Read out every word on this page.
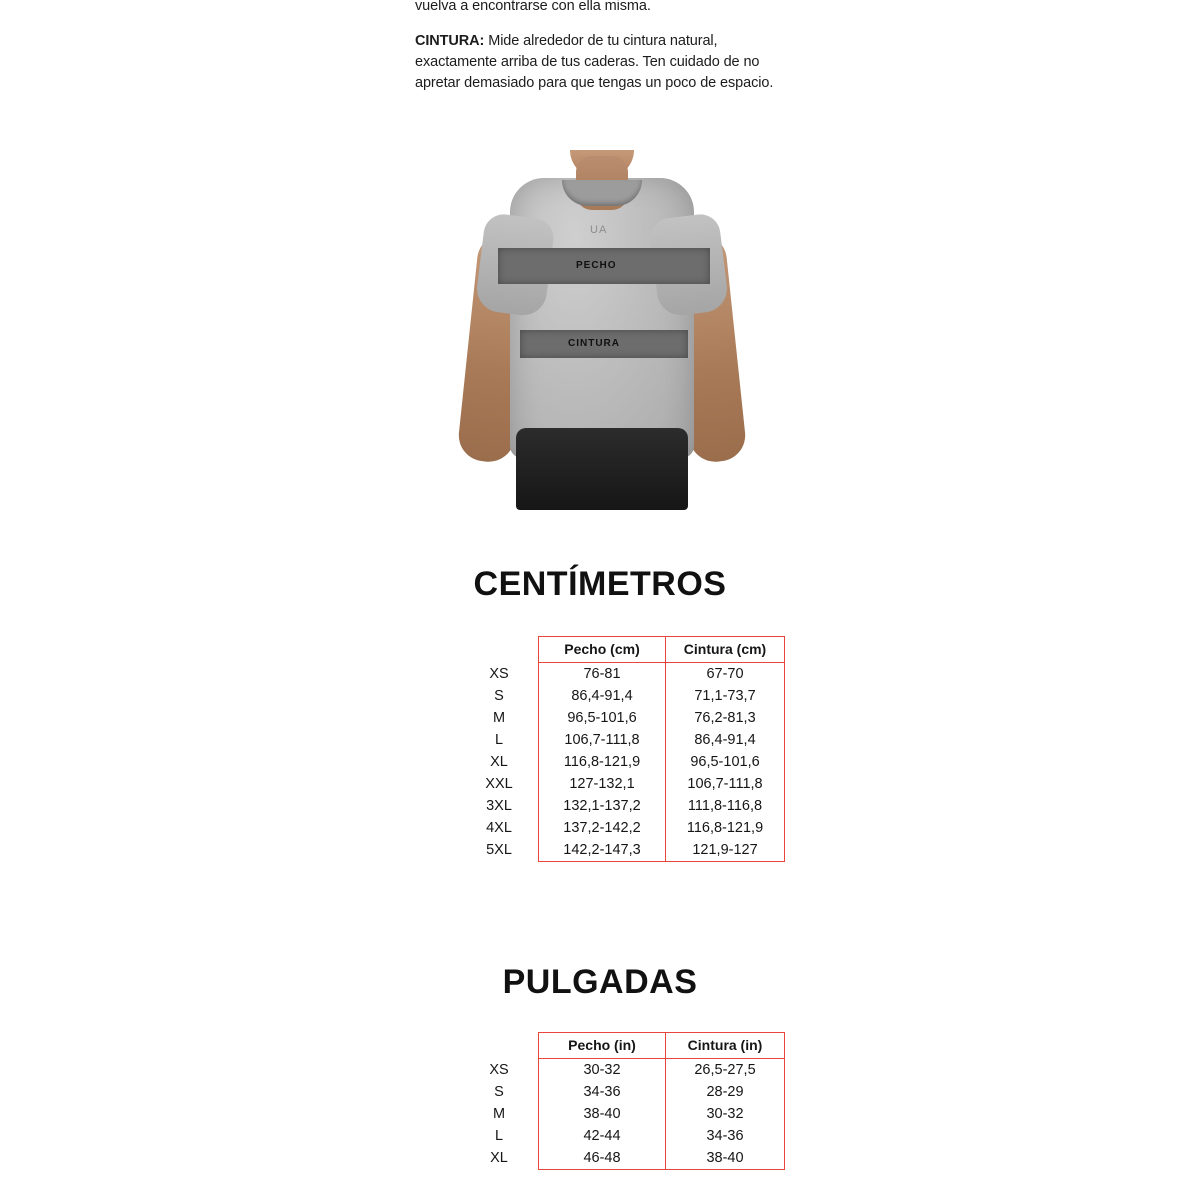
vuelva a encontrarse con ella misma.

CINTURA: Mide alrededor de tu cintura natural, exactamente arriba de tus caderas. Ten cuidado de no apretar demasiado para que tengas un poco de espacio.

UA
PECHO
CINTURA
CENTÍMETROS
	Pecho (cm)	Cintura (cm)
XS	76-81	67-70
S	86,4-91,4	71,1-73,7
M	96,5-101,6	76,2-81,3
L	106,7-111,8	86,4-91,4
XL	116,8-121,9	96,5-101,6
XXL	127-132,1	106,7-111,8
3XL	132,1-137,2	111,8-116,8
4XL	137,2-142,2	116,8-121,9
5XL	142,2-147,3	121,9-127
PULGADAS
	Pecho (in)	Cintura (in)
XS	30-32	26,5-27,5
S	34-36	28-29
M	38-40	30-32
L	42-44	34-36
XL	46-48	38-40
